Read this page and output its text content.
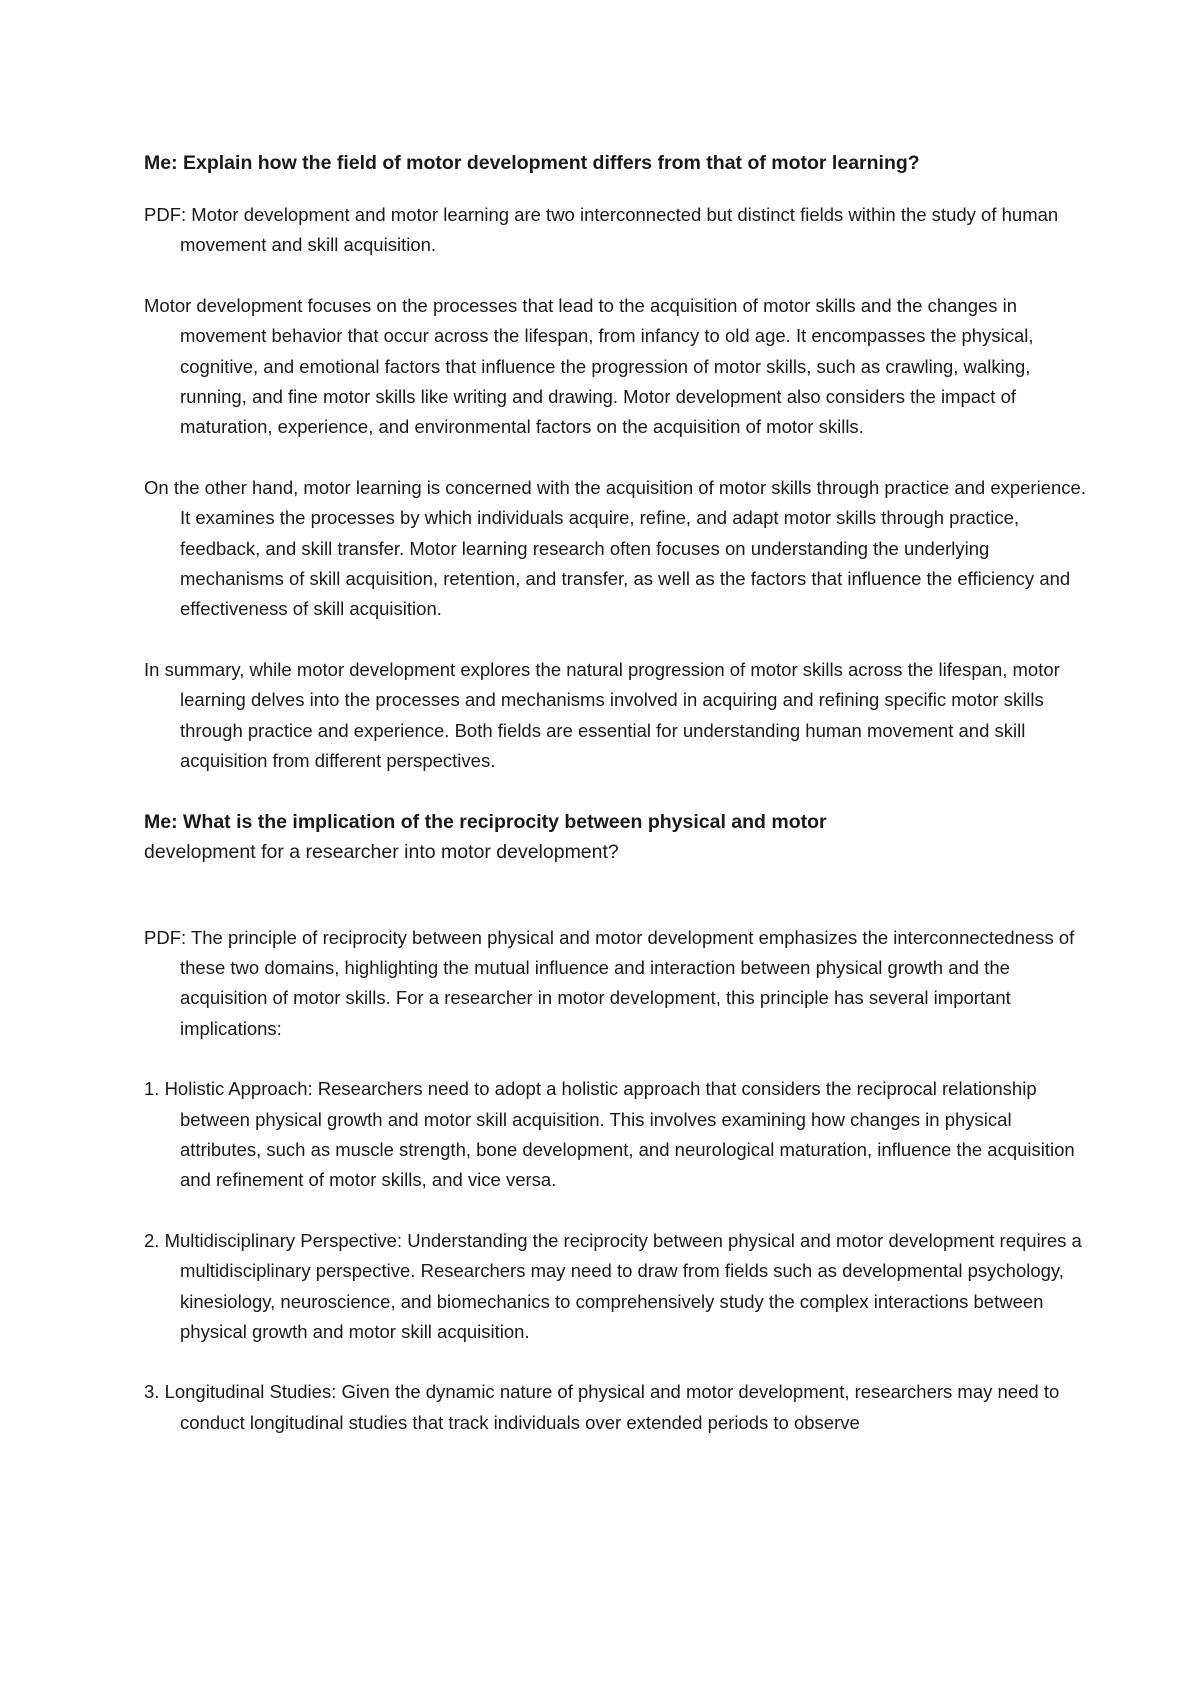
Me: Explain how the field of motor development differs from that of motor learning?
PDF: Motor development and motor learning are two interconnected but distinct fields within the study of human movement and skill acquisition.
Motor development focuses on the processes that lead to the acquisition of motor skills and the changes in movement behavior that occur across the lifespan, from infancy to old age. It encompasses the physical, cognitive, and emotional factors that influence the progression of motor skills, such as crawling, walking, running, and fine motor skills like writing and drawing. Motor development also considers the impact of maturation, experience, and environmental factors on the acquisition of motor skills.
On the other hand, motor learning is concerned with the acquisition of motor skills through practice and experience. It examines the processes by which individuals acquire, refine, and adapt motor skills through practice, feedback, and skill transfer. Motor learning research often focuses on understanding the underlying mechanisms of skill acquisition, retention, and transfer, as well as the factors that influence the efficiency and effectiveness of skill acquisition.
In summary, while motor development explores the natural progression of motor skills across the lifespan, motor learning delves into the processes and mechanisms involved in acquiring and refining specific motor skills through practice and experience. Both fields are essential for understanding human movement and skill acquisition from different perspectives.
Me: What is the implication of the reciprocity between physical and motor
development for a researcher into motor development?
PDF: The principle of reciprocity between physical and motor development emphasizes the interconnectedness of these two domains, highlighting the mutual influence and interaction between physical growth and the acquisition of motor skills. For a researcher in motor development, this principle has several important implications:
1. Holistic Approach: Researchers need to adopt a holistic approach that considers the reciprocal relationship between physical growth and motor skill acquisition. This involves examining how changes in physical attributes, such as muscle strength, bone development, and neurological maturation, influence the acquisition and refinement of motor skills, and vice versa.
2. Multidisciplinary Perspective: Understanding the reciprocity between physical and motor development requires a multidisciplinary perspective. Researchers may need to draw from fields such as developmental psychology, kinesiology, neuroscience, and biomechanics to comprehensively study the complex interactions between physical growth and motor skill acquisition.
3. Longitudinal Studies: Given the dynamic nature of physical and motor development, researchers may need to conduct longitudinal studies that track individuals over extended periods to observe
